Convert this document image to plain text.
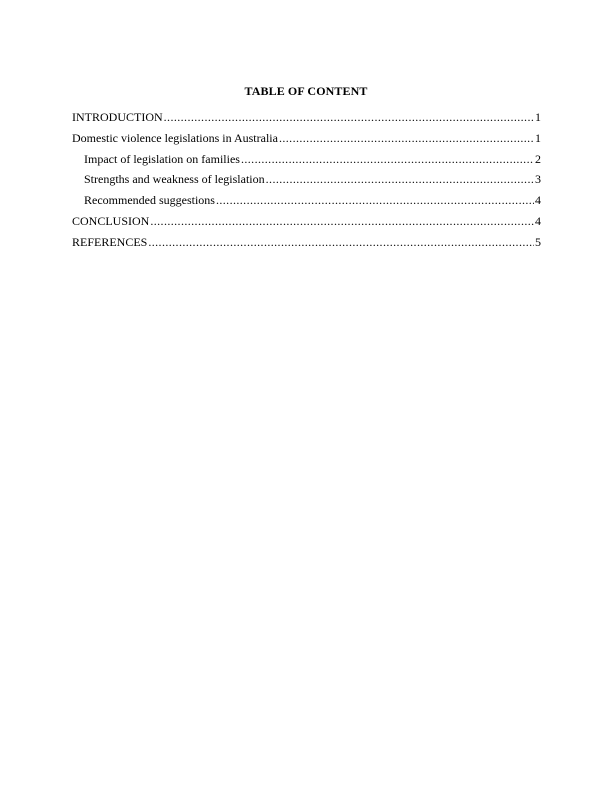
TABLE OF CONTENT
INTRODUCTION .....	1
Domestic violence legislations in Australia .....	1
Impact of legislation on families .....	2
Strengths and weakness of legislation .....	3
Recommended suggestions .....	4
CONCLUSION .....	4
REFERENCES .....	5
